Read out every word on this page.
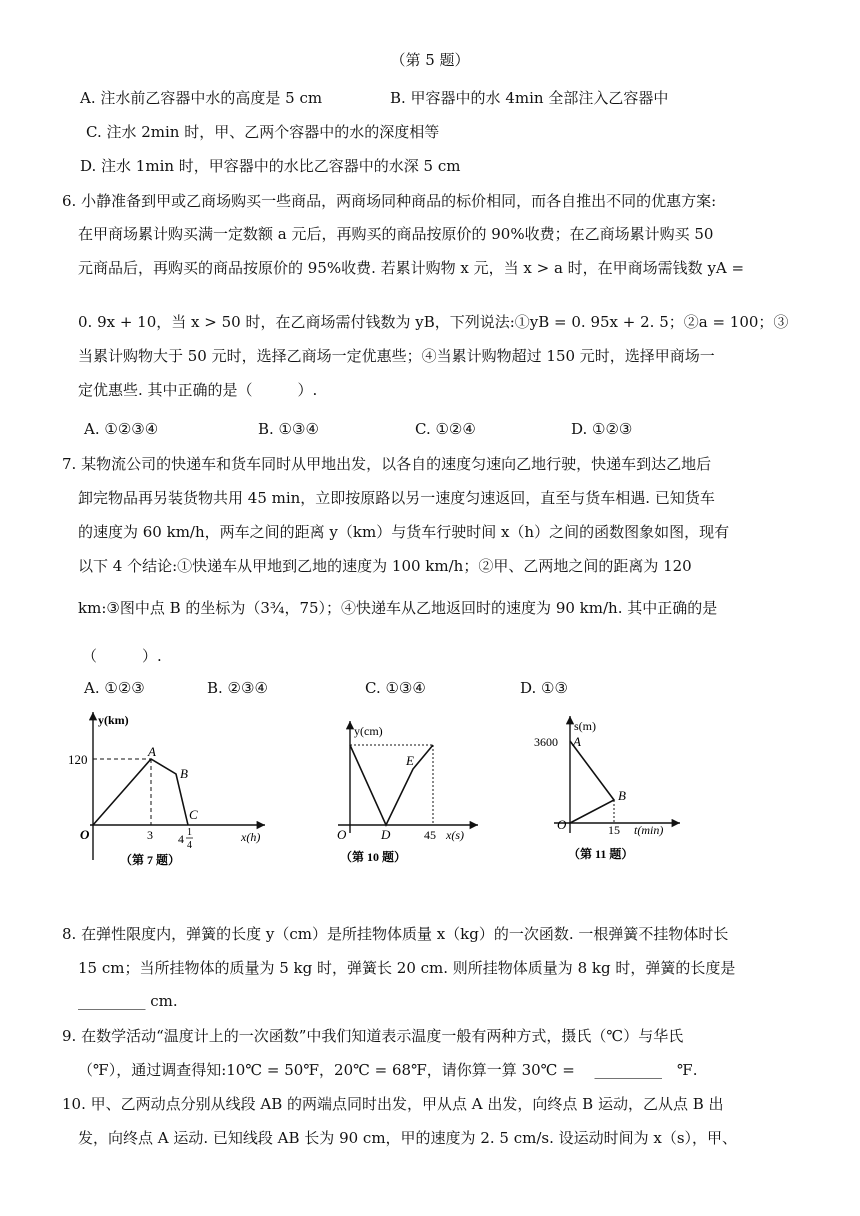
（第 5 题）
A. 注水前乙容器中水的高度是 5 cm	B. 甲容器中的水 4min 全部注入乙容器中
C. 注水 2min 时，甲、乙两个容器中的水的深度相等
D. 注水 1min 时，甲容器中的水比乙容器中的水深 5 cm
6. 小静准备到甲或乙商场购买一些商品，两商场同种商品的标价相同，而各自推出不同的优惠方案:
在甲商场累计购买满一定数额 a 元后，再购买的商品按原价的 90%收费；在乙商场累计购买 50
元商品后，再购买的商品按原价的 95%收费. 若累计购物 x 元，当 x > a 时，在甲商场需钱数 yA =
0. 9x + 10，当 x > 50 时，在乙商场需付钱数为 yB，下列说法:①yB = 0. 95x + 2. 5；②a = 100；③
当累计购物大于 50 元时，选择乙商场一定优惠些；④当累计购物超过 150 元时，选择甲商场一
定优惠些. 其中正确的是（　　　）.
A. ①②③④	B. ①③④	C. ①②④	D. ①②③
7. 某物流公司的快递车和货车同时从甲地出发，以各自的速度匀速向乙地行驶，快递车到达乙地后
卸完物品再另装货物共用 45 min，立即按原路以另一速度匀速返回，直至与货车相遇. 已知货车
的速度为 60 km/h，两车之间的距离 y（km）与货车行驶时间 x（h）之间的函数图象如图，现有
以下 4 个结论:①快递车从甲地到乙地的速度为 100 km/h；②甲、乙两地之间的距离为 120
km:③图中点 B 的坐标为（3¾，75）；④快递车从乙地返回时的速度为 90 km/h. 其中正确的是
（　　　）.
A. ①②③	B. ②③④	C. ①③④	D. ①③
y(km)
120
O	3 4 1
4
x(h)
A
B
C
（第 7 题）
y(cm)
O	D
E
45 x(s)
（第 10 题）
s(m)
3600 A
B
O	15 t(min)
（第 11 题）
8. 在弹性限度内，弹簧的长度 y（cm）是所挂物体质量 x（kg）的一次函数. 一根弹簧不挂物体时长
15 cm；当所挂物体的质量为 5 kg 时，弹簧长 20 cm. 则所挂物体质量为 8 kg 时，弹簧的长度是
_________ cm.
9. 在数学活动“温度计上的一次函数”中我们知道表示温度一般有两种方式，摄氏（℃）与华氏
（℉），通过调查得知:10℃ = 50℉，20℃ = 68℉，请你算一算 30℃ = 　_________　℉.
10. 甲、乙两动点分别从线段 AB 的两端点同时出发，甲从点 A 出发，向终点 B 运动，乙从点 B 出
发，向终点 A 运动. 已知线段 AB 长为 90 cm，甲的速度为 2. 5 cm/s. 设运动时间为 x（s），甲、
